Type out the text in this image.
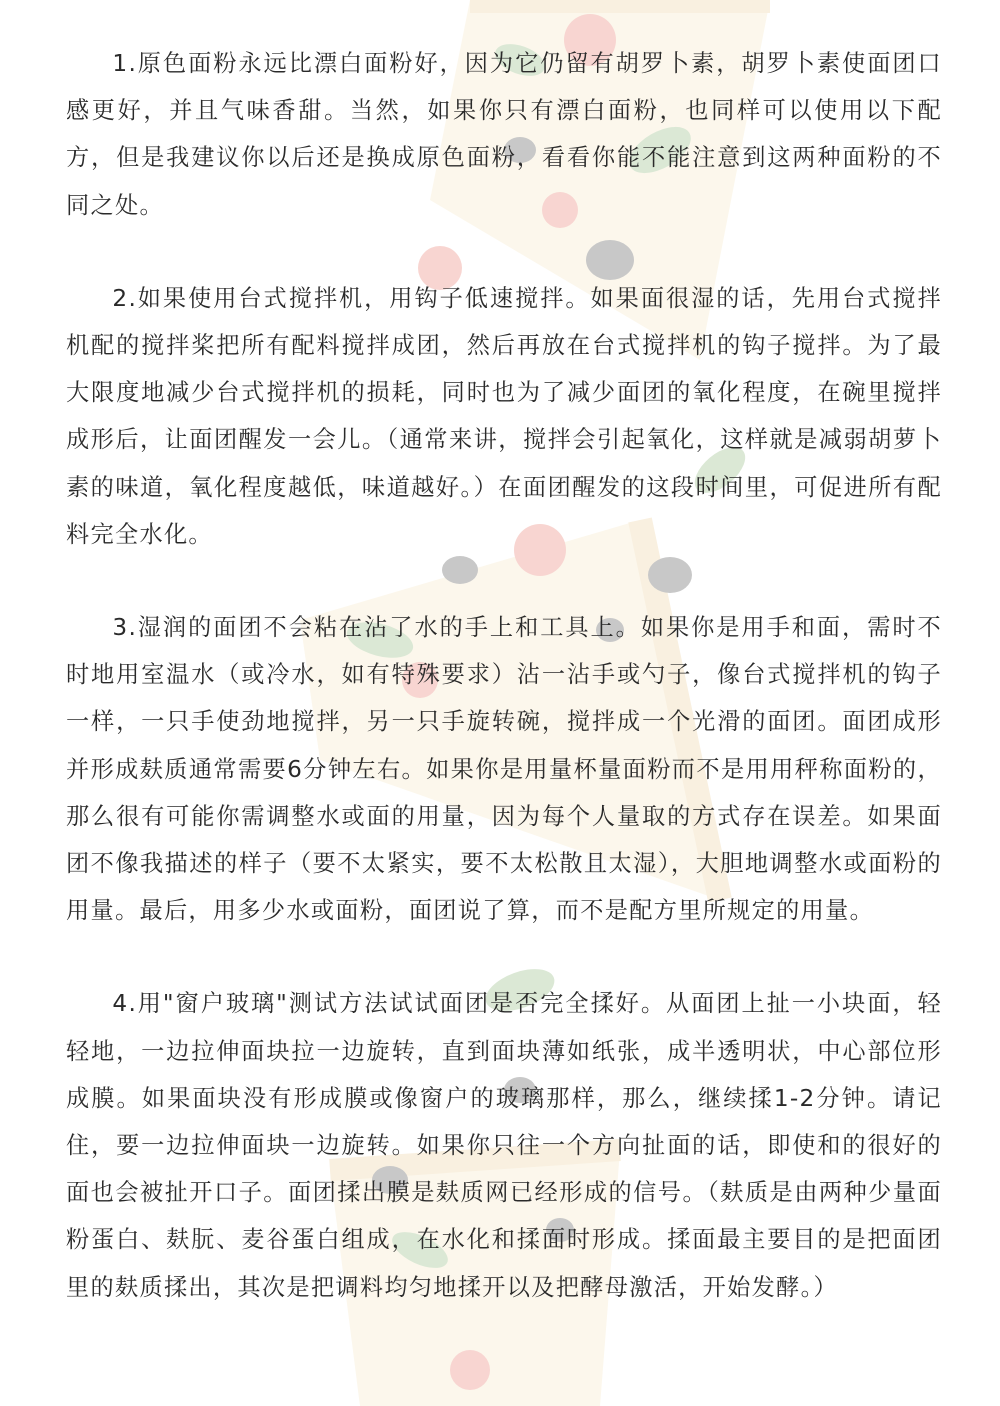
1.原色面粉永远比漂白面粉好，因为它仍留有胡罗卜素，胡罗卜素使面团口感更好，并且气味香甜。当然，如果你只有漂白面粉，也同样可以使用以下配方，但是我建议你以后还是换成原色面粉，看看你能不能注意到这两种面粉的不同之处。

2.如果使用台式搅拌机，用钩子低速搅拌。如果面很湿的话，先用台式搅拌机配的搅拌桨把所有配料搅拌成团，然后再放在台式搅拌机的钩子搅拌。为了最大限度地减少台式搅拌机的损耗，同时也为了减少面团的氧化程度，在碗里搅拌成形后，让面团醒发一会儿。（通常来讲，搅拌会引起氧化，这样就是减弱胡萝卜素的味道，氧化程度越低，味道越好。）在面团醒发的这段时间里，可促进所有配料完全水化。

3.湿润的面团不会粘在沾了水的手上和工具上。如果你是用手和面，需时不时地用室温水（或冷水，如有特殊要求）沾一沾手或勺子，像台式搅拌机的钩子一样，一只手使劲地搅拌，另一只手旋转碗，搅拌成一个光滑的面团。面团成形并形成麸质通常需要6分钟左右。如果你是用量杯量面粉而不是用用秤称面粉的，那么很有可能你需调整水或面的用量，因为每个人量取的方式存在误差。如果面团不像我描述的样子（要不太紧实，要不太松散且太湿），大胆地调整水或面粉的用量。最后，用多少水或面粉，面团说了算，而不是配方里所规定的用量。

4.用"窗户玻璃"测试方法试试面团是否完全揉好。从面团上扯一小块面，轻轻地，一边拉伸面块拉一边旋转，直到面块薄如纸张，成半透明状，中心部位形成膜。如果面块没有形成膜或像窗户的玻璃那样，那么，继续揉1-2分钟。请记住，要一边拉伸面块一边旋转。如果你只往一个方向扯面的话，即使和的很好的面也会被扯开口子。面团揉出膜是麸质网已经形成的信号。（麸质是由两种少量面粉蛋白、麸朊、麦谷蛋白组成，在水化和揉面时形成。揉面最主要目的是把面团里的麸质揉出，其次是把调料均匀地揉开以及把酵母激活，开始发酵。）
